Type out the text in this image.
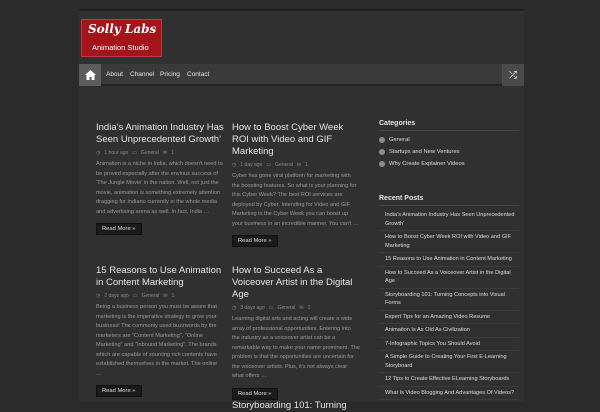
Solly Labs
Animation Studio
About Channel Pricing Contact	⤮
India’s Animation Industry Has Seen Unprecedented Growth’
◷ 1 hour ago ▭ General ✉ 1
Animation is a niche in India, which doesn't need to be proved especially after the envious success of 'The Jungle Movie' in the nation. Well, not just the movie, animation is something extremely attention dragging for Indiano currently in the whole media and advertising arena as well. In fact, India …
Read More »
How to Boost Cyber Week ROI with Video and GIF Marketing
◷ 1 day ago ▭ General ✉ 1
Cyber has gone viral platform for marketing with the boosting features. So what is your planning for this Cyber Week? The best ROI services are deployed by Cyber. Intending for Video and GIF Marketing in the Cyber Week you can boost up your business in an incredible manner. You can't …
Read More »
15 Reasons to Use Animation in Content Marketing
◷ 2 days ago ▭ General ✉ 1
Being a business person you must be aware that marketing is the imperative strategy to grow your business! The commonly used buzzwords by the marketers are "Content Marketing", "Online Marketing" and "Inbound Marketing". The brands which are capable of sourcing rich contents have established themselves in the market. The online …
Read More »
How to Succeed As a Voiceover Artist in the Digital Age
◷ 3 days ago ▭ General ✉ 1
Learning digital arts and acting will create a wide array of professional opportunities. Entering into the industry as a voiceover artist can be a remarkable way to make your name prominent. The problem is that the opportunities are uncertain for the voiceover artists. Plus, it's not always clear what offers …
Read More »
Storyboarding 101: Turning
Categories
General
Startups and New Ventures
Why Create Explainer Videos
Recent Posts
India's Animation Industry Has Seen Unprecedented Growth'
How to Boost Cyber Week ROI with Video and GIF Marketing
15 Reasons to Use Animation in Content Marketing
How to Succeed As a Voiceover Artist in the Digital Age
Storyboarding 101: Turning Concepts into Visual Forms
Expert Tips for an Amazing Video Resume
Animation Is As Old As Civilization
7-Infographic Topics You Should Avoid
A Simple Guide to Creating Your First E-Learning Storyboard
12 Tips to Create Effective ELearning Storyboards
What Is Video Blogging And Advantages Of Videos?
